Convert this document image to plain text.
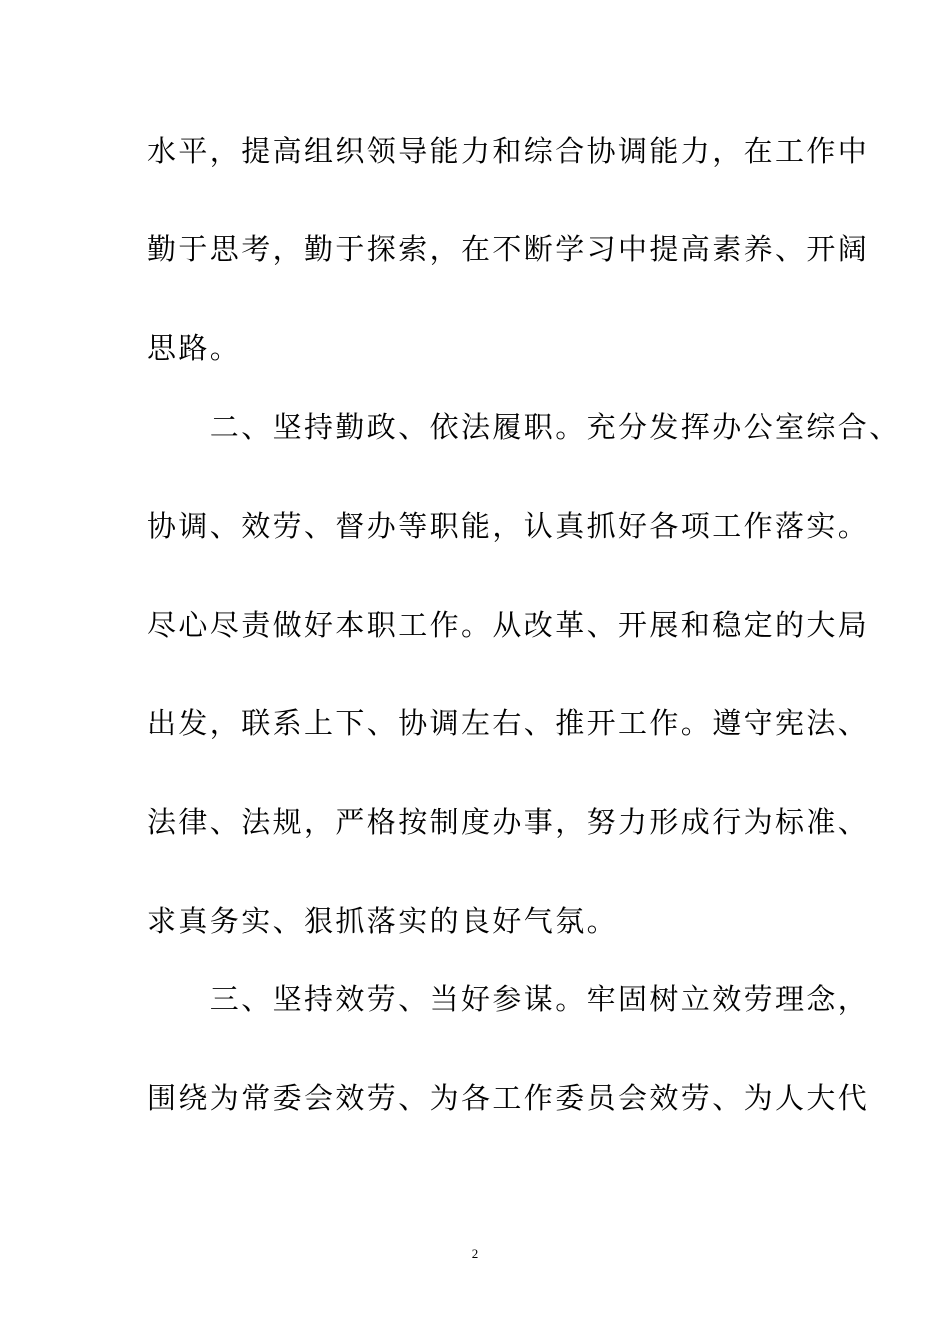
水平，提高组织领导能力和综合协调能力，在工作中
勤于思考，勤于探索，在不断学习中提高素养、开阔
思路。
　　二、坚持勤政、依法履职。充分发挥办公室综合、
协调、效劳、督办等职能，认真抓好各项工作落实。
尽心尽责做好本职工作。从改革、开展和稳定的大局
出发，联系上下、协调左右、推开工作。遵守宪法、
法律、法规，严格按制度办事，努力形成行为标准、
求真务实、狠抓落实的良好气氛。
　　三、坚持效劳、当好参谋。牢固树立效劳理念，
围绕为常委会效劳、为各工作委员会效劳、为人大代
2
